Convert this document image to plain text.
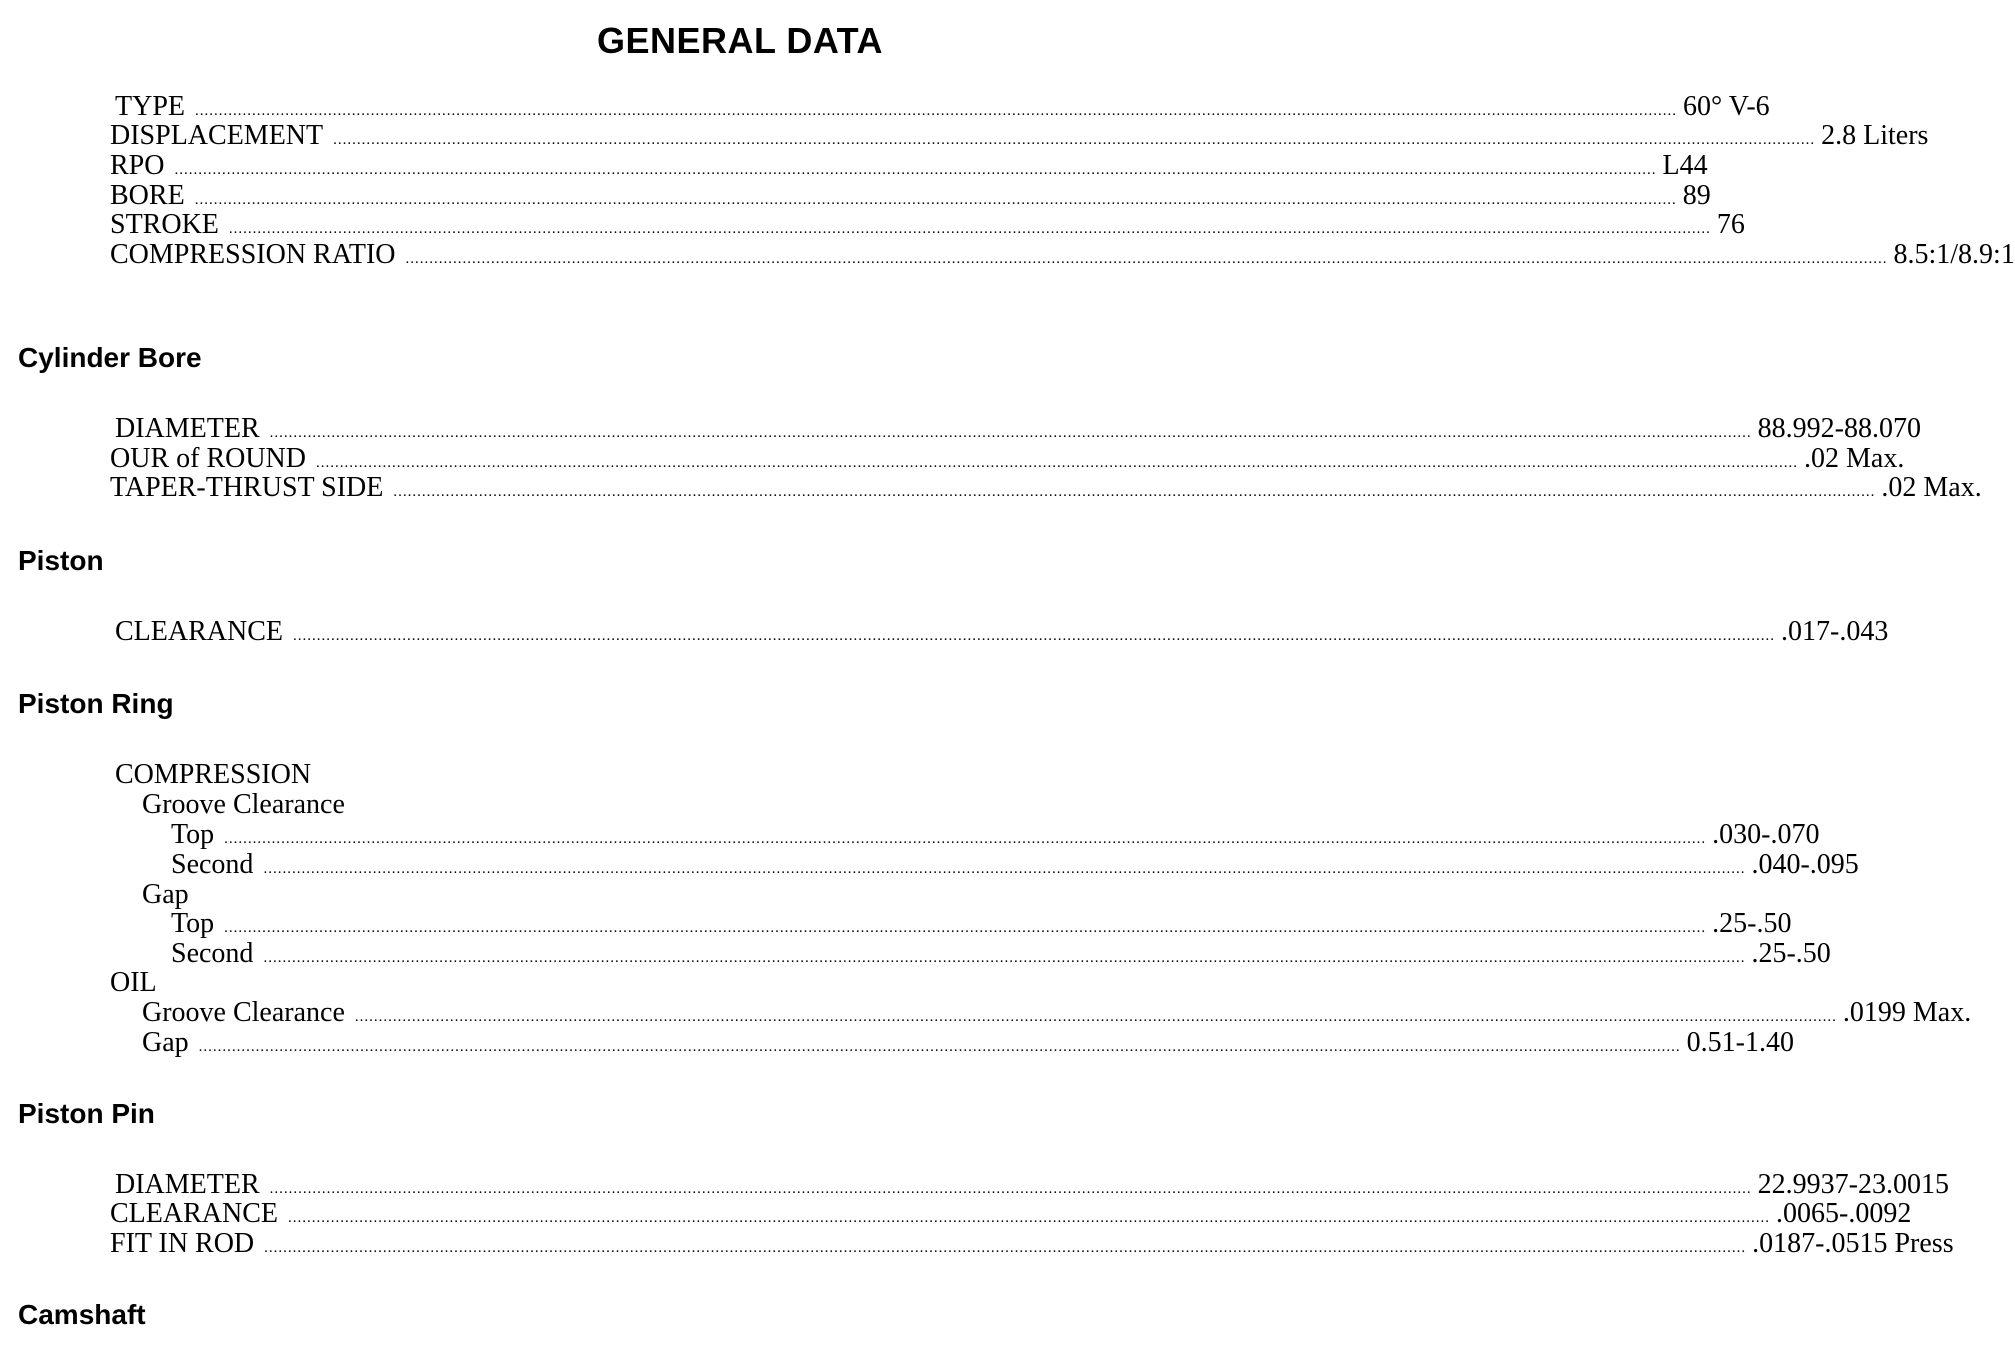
GENERAL DATA
TYPE ........................................................................................................................................................................................................................................................................................................................ 60° V-6
DISPLACEMENT ........................................................................................................................................................................................................................................................................................................................ 2.8 Liters
RPO ........................................................................................................................................................................................................................................................................................................................ L44
BORE ........................................................................................................................................................................................................................................................................................................................ 89
STROKE ........................................................................................................................................................................................................................................................................................................................ 76
COMPRESSION RATIO ........................................................................................................................................................................................................................................................................................................................ 8.5:1/8.9:1
Cylinder Bore
DIAMETER ........................................................................................................................................................................................................................................................................................................................ 88.992-88.070
OUR of ROUND ........................................................................................................................................................................................................................................................................................................................ .02 Max.
TAPER-THRUST SIDE ........................................................................................................................................................................................................................................................................................................................ .02 Max.
Piston
CLEARANCE ........................................................................................................................................................................................................................................................................................................................ .017-.043
Piston Ring
COMPRESSION
Groove Clearance
Top ........................................................................................................................................................................................................................................................................................................................ .030-.070
Second ........................................................................................................................................................................................................................................................................................................................ .040-.095
Gap
Top ........................................................................................................................................................................................................................................................................................................................ .25-.50
Second ........................................................................................................................................................................................................................................................................................................................ .25-.50
OIL
Groove Clearance ........................................................................................................................................................................................................................................................................................................................ .0199 Max.
Gap ........................................................................................................................................................................................................................................................................................................................ 0.51-1.40
Piston Pin
DIAMETER ........................................................................................................................................................................................................................................................................................................................ 22.9937-23.0015
CLEARANCE ........................................................................................................................................................................................................................................................................................................................ .0065-.0092
FIT IN ROD ........................................................................................................................................................................................................................................................................................................................ .0187-.0515 Press
Camshaft
